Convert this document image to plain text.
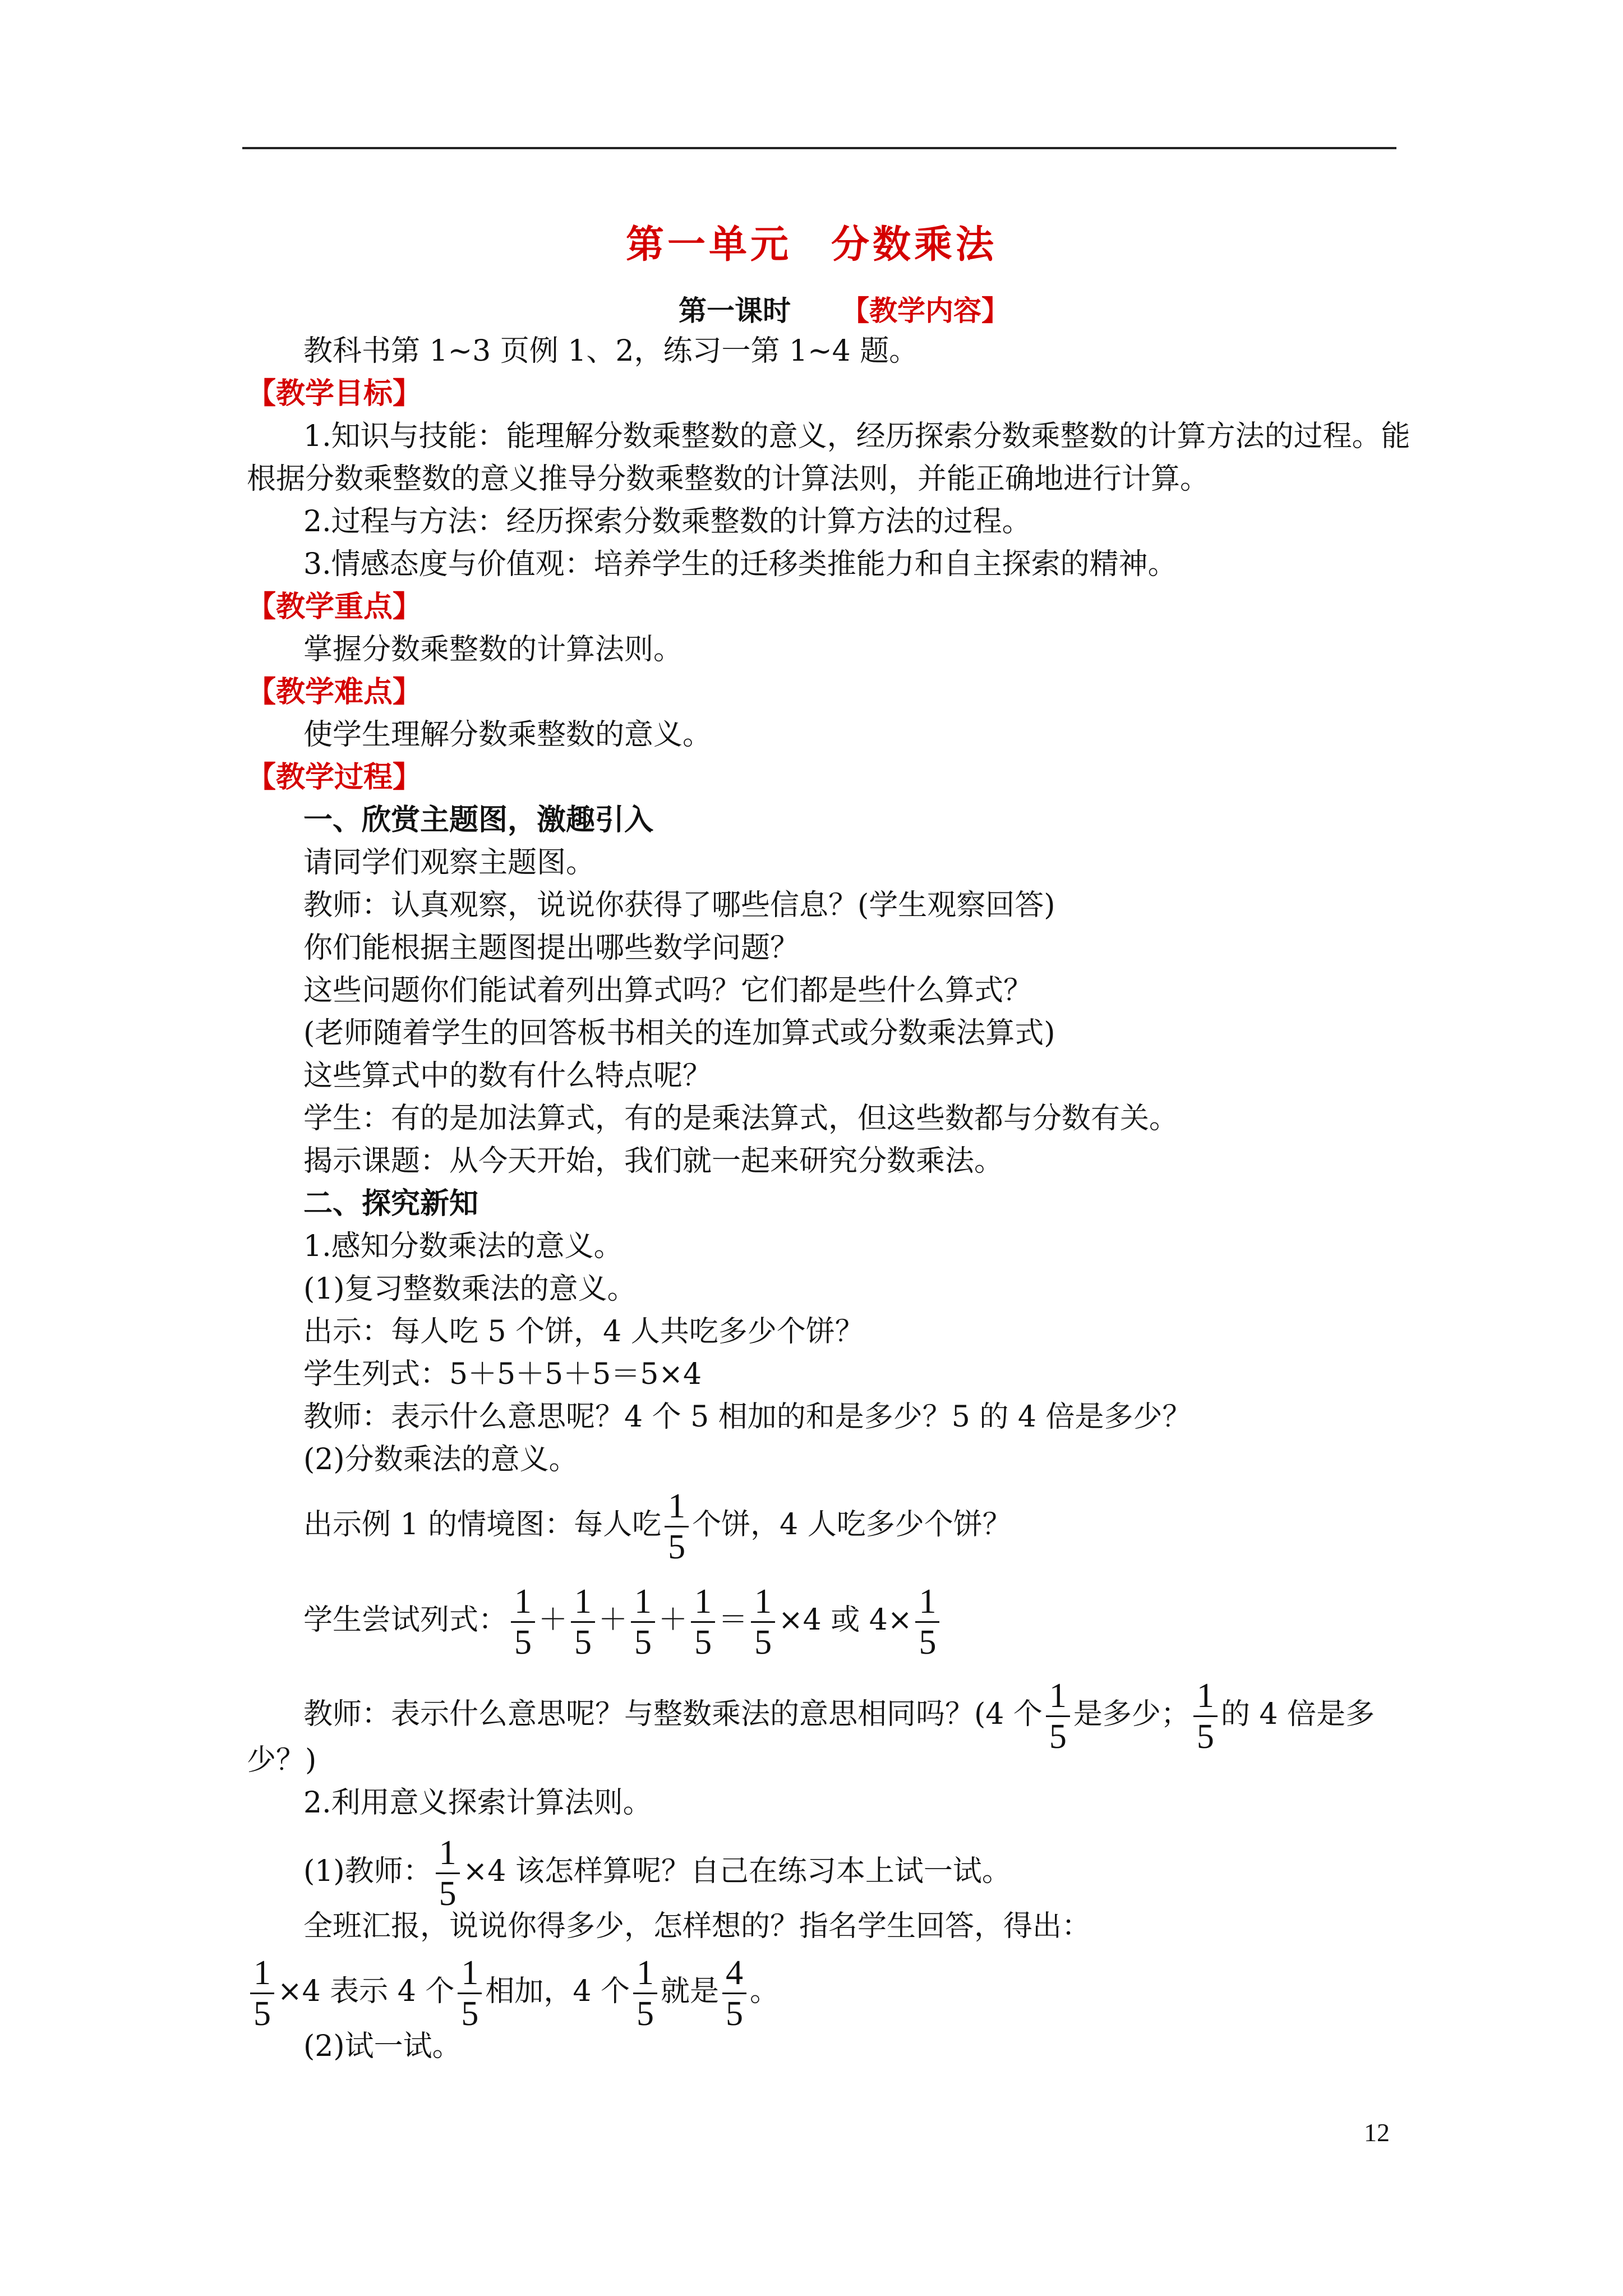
第一单元 分数乘法
第一课时 【教学内容】
教科书第 1~3 页例 1、2，练习一第 1~4 题。
【教学目标】
1.知识与技能：能理解分数乘整数的意义，经历探索分数乘整数的计算方法的过程。能
根据分数乘整数的意义推导分数乘整数的计算法则，并能正确地进行计算。
2.过程与方法：经历探索分数乘整数的计算方法的过程。
3.情感态度与价值观：培养学生的迁移类推能力和自主探索的精神。
【教学重点】
掌握分数乘整数的计算法则。
【教学难点】
使学生理解分数乘整数的意义。
【教学过程】
一、欣赏主题图，激趣引入
请同学们观察主题图。
教师：认真观察，说说你获得了哪些信息？(学生观察回答)
你们能根据主题图提出哪些数学问题？
这些问题你们能试着列出算式吗？它们都是些什么算式？
(老师随着学生的回答板书相关的连加算式或分数乘法算式)
这些算式中的数有什么特点呢？
学生：有的是加法算式，有的是乘法算式，但这些数都与分数有关。
揭示课题：从今天开始，我们就一起来研究分数乘法。
二、探究新知
1.感知分数乘法的意义。
(1)复习整数乘法的意义。
出示：每人吃 5 个饼，4 人共吃多少个饼？
学生列式：5＋5＋5＋5＝5×4
教师：表示什么意思呢？4 个 5 相加的和是多少？5 的 4 倍是多少？
(2)分数乘法的意义。
出示例 1 的情境图：每人吃 $\frac{1}{5}$ 个饼，4 人吃多少个饼？
学生尝试列式： $\frac{1}{5} + \frac{1}{5} + \frac{1}{5} + \frac{1}{5} = \frac{1}{5} \times 4$ 或 $4\times \frac{1}{5}$
教师：表示什么意思呢？与整数乘法的意思相同吗？(4 个 $\frac{1}{5}$ 是多少； $\frac{1}{5}$ 的 4 倍是多
少？)
2.利用意义探索计算法则。
(1)教师： $\frac{1}{5} \times 4$ 该怎样算呢？自己在练习本上试一试。
全班汇报，说说你得多少，怎样想的？指名学生回答，得出：
$\frac{1}{5} \times 4$ 表示 4 个 $\frac{1}{5}$ 相加，4 个 $\frac{1}{5}$ 就是 $\frac{4}{5}$ 。
(2)试一试。
12
